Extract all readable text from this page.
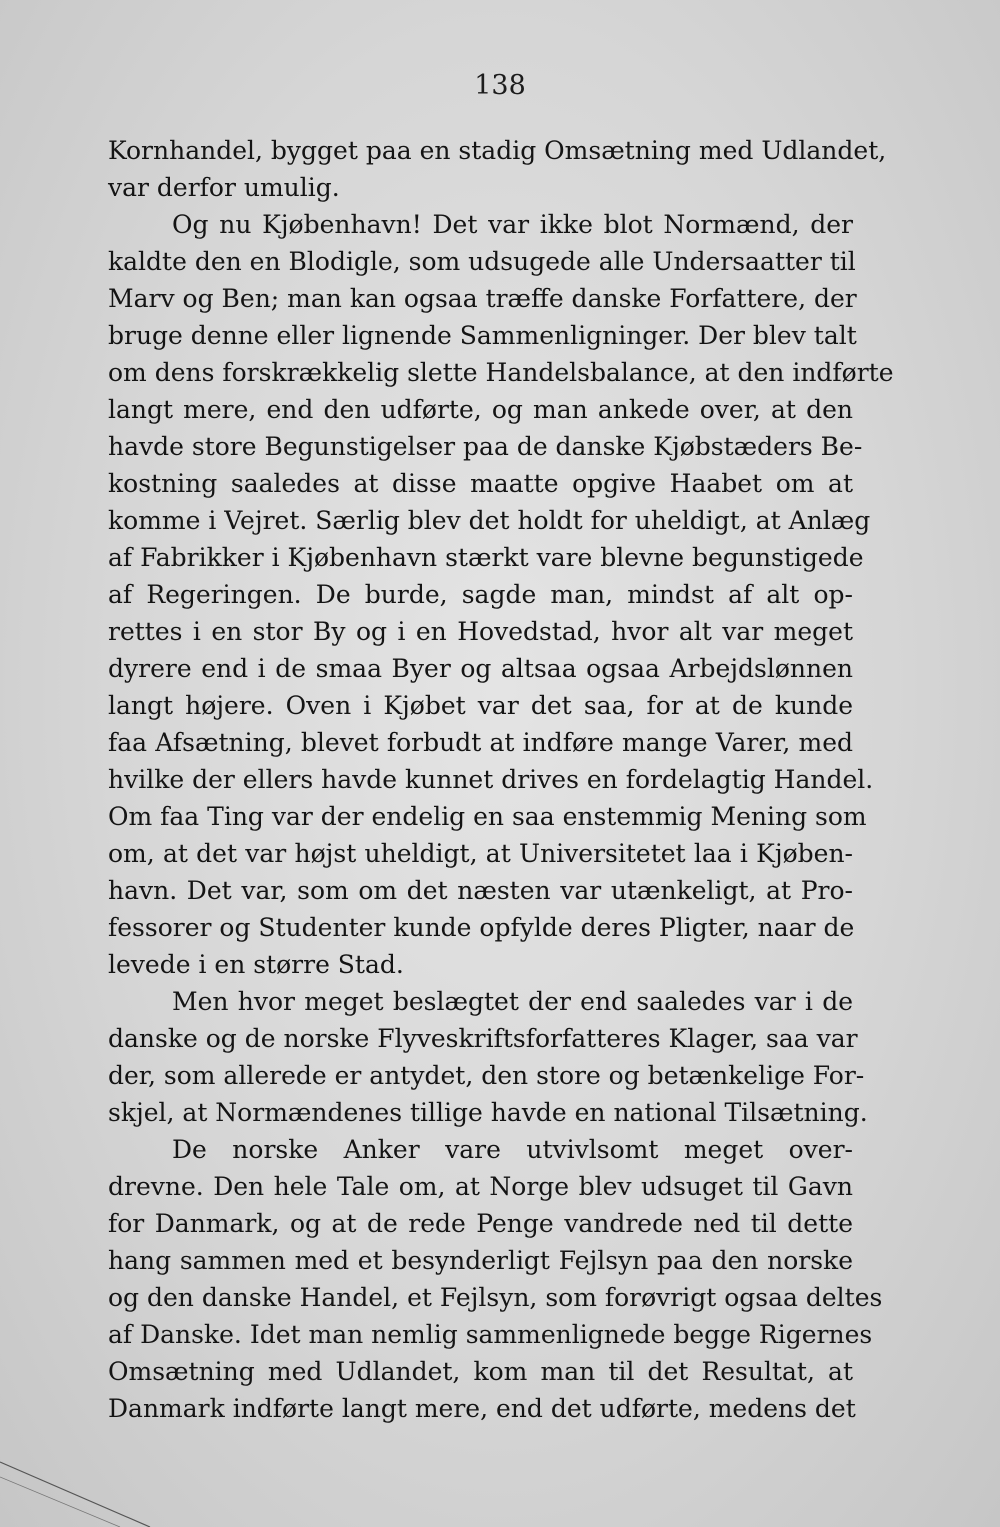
138
Kornhandel, bygget paa en stadig Omsætning med Udlandet,
var derfor umulig.
Og nu Kjøbenhavn! Det var ikke blot Normænd, der
kaldte den en Blodigle, som udsugede alle Undersaatter til
Marv og Ben; man kan ogsaa træffe danske Forfattere, der
bruge denne eller lignende Sammenligninger. Der blev talt
om dens forskrækkelig slette Handelsbalance, at den indførte
langt mere, end den udførte, og man ankede over, at den
havde store Begunstigelser paa de danske Kjøbstæders Be-
kostning saaledes at disse maatte opgive Haabet om at
komme i Vejret. Særlig blev det holdt for uheldigt, at Anlæg
af Fabrikker i Kjøbenhavn stærkt vare blevne begunstigede
af Regeringen. De burde, sagde man, mindst af alt op-
rettes i en stor By og i en Hovedstad, hvor alt var meget
dyrere end i de smaa Byer og altsaa ogsaa Arbejdslønnen
langt højere. Oven i Kjøbet var det saa, for at de kunde
faa Afsætning, blevet forbudt at indføre mange Varer, med
hvilke der ellers havde kunnet drives en fordelagtig Handel.
Om faa Ting var der endelig en saa enstemmig Mening som
om, at det var højst uheldigt, at Universitetet laa i Kjøben-
havn. Det var, som om det næsten var utænkeligt, at Pro-
fessorer og Studenter kunde opfylde deres Pligter, naar de
levede i en større Stad.
Men hvor meget beslægtet der end saaledes var i de
danske og de norske Flyveskriftsforfatteres Klager, saa var
der, som allerede er antydet, den store og betænkelige For-
skjel, at Normændenes tillige havde en national Tilsætning.
De norske Anker vare utvivlsomt meget over-
drevne. Den hele Tale om, at Norge blev udsuget til Gavn
for Danmark, og at de rede Penge vandrede ned til dette
hang sammen med et besynderligt Fejlsyn paa den norske
og den danske Handel, et Fejlsyn, som forøvrigt ogsaa deltes
af Danske. Idet man nemlig sammenlignede begge Rigernes
Omsætning med Udlandet, kom man til det Resultat, at
Danmark indførte langt mere, end det udførte, medens det
